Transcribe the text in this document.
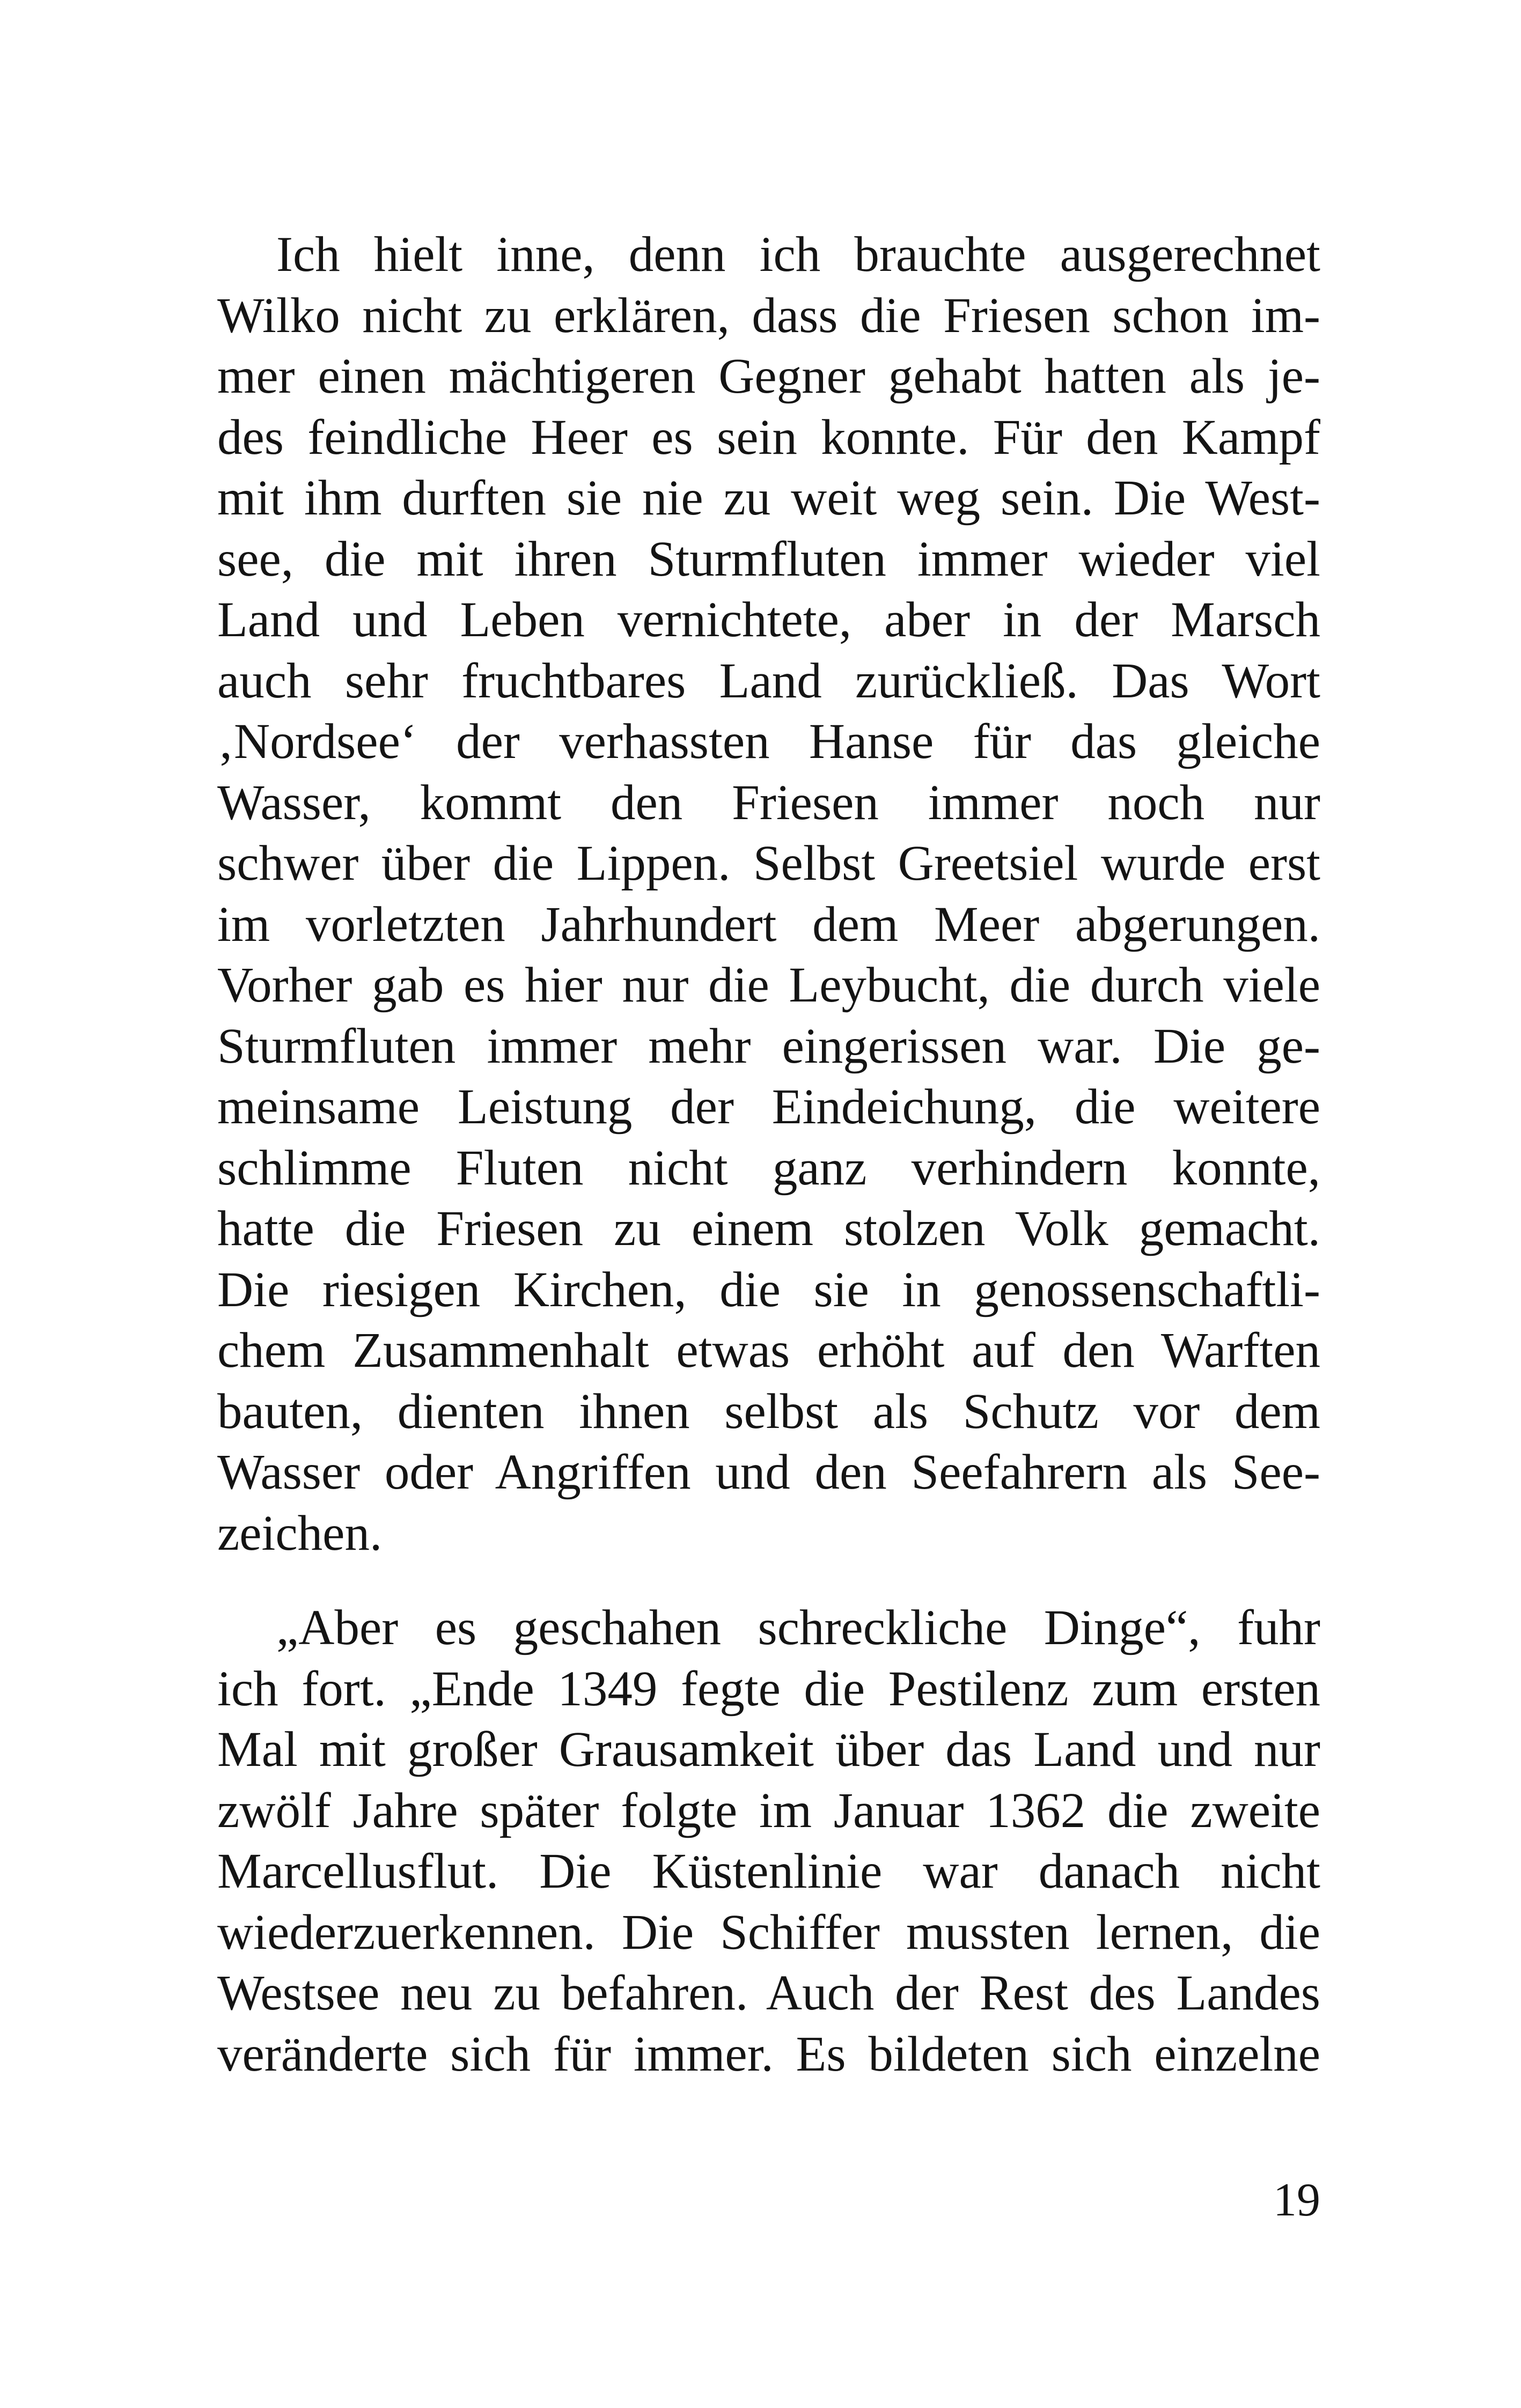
Ich hielt inne, denn ich brauchte ausgerechnet
Wilko nicht zu erklären, dass die Friesen schon im-
mer einen mächtigeren Gegner gehabt hatten als je-
des feindliche Heer es sein konnte. Für den Kampf
mit ihm durften sie nie zu weit weg sein. Die West-
see, die mit ihren Sturmfluten immer wieder viel
Land und Leben vernichtete, aber in der Marsch
auch sehr fruchtbares Land zurückließ. Das Wort
‚Nordsee‘ der verhassten Hanse für das gleiche
Wasser, kommt den Friesen immer noch nur
schwer über die Lippen. Selbst Greetsiel wurde erst
im vorletzten Jahrhundert dem Meer abgerungen.
Vorher gab es hier nur die Leybucht, die durch viele
Sturmfluten immer mehr eingerissen war. Die ge-
meinsame Leistung der Eindeichung, die weitere
schlimme Fluten nicht ganz verhindern konnte,
hatte die Friesen zu einem stolzen Volk gemacht.
Die riesigen Kirchen, die sie in genossenschaftli-
chem Zusammenhalt etwas erhöht auf den Warften
bauten, dienten ihnen selbst als Schutz vor dem
Wasser oder Angriffen und den Seefahrern als See-
zeichen.
„Aber es geschahen schreckliche Dinge“, fuhr
ich fort. „Ende 1349 fegte die Pestilenz zum ersten
Mal mit großer Grausamkeit über das Land und nur
zwölf Jahre später folgte im Januar 1362 die zweite
Marcellusflut. Die Küstenlinie war danach nicht
wiederzuerkennen. Die Schiffer mussten lernen, die
Westsee neu zu befahren. Auch der Rest des Landes
veränderte sich für immer. Es bildeten sich einzelne
19
